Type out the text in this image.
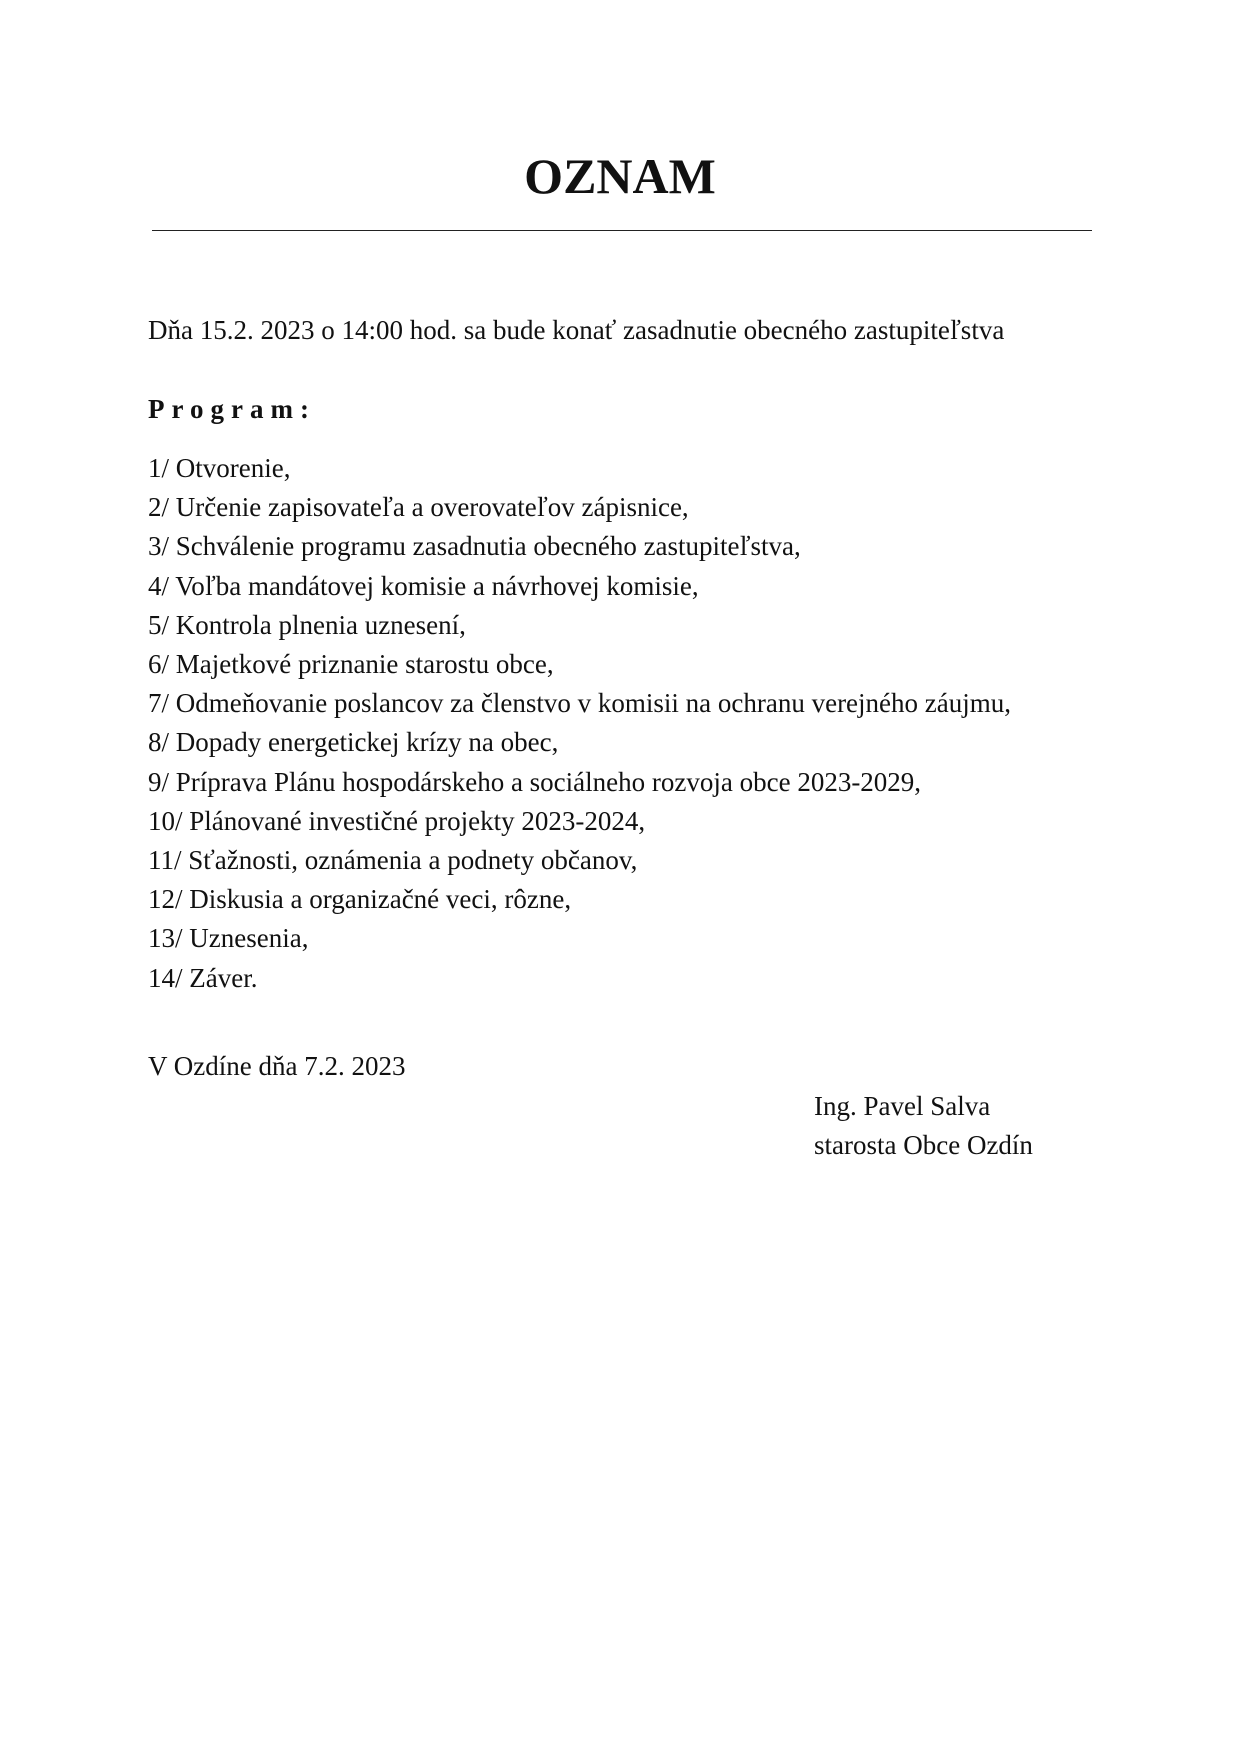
OZNAM
Dňa 15.2. 2023 o 14:00 hod. sa bude konať zasadnutie obecného zastupiteľstva
Program:
1/ Otvorenie,
2/ Určenie zapisovateľa a overovateľov zápisnice,
3/ Schválenie programu zasadnutia obecného zastupiteľstva,
4/ Voľba mandátovej komisie a návrhovej komisie,
5/ Kontrola plnenia uznesení,
6/ Majetkové priznanie starostu obce,
7/ Odmeňovanie poslancov za členstvo v komisii na ochranu verejného záujmu,
8/ Dopady energetickej krízy na obec,
9/ Príprava Plánu hospodárskeho a sociálneho rozvoja obce 2023-2029,
10/ Plánované investičné projekty 2023-2024,
11/ Sťažnosti, oznámenia a podnety občanov,
12/ Diskusia a organizačné veci, rôzne,
13/ Uznesenia,
14/ Záver.
V Ozdíne dňa 7.2. 2023
Ing. Pavel Salva
starosta Obce Ozdín
